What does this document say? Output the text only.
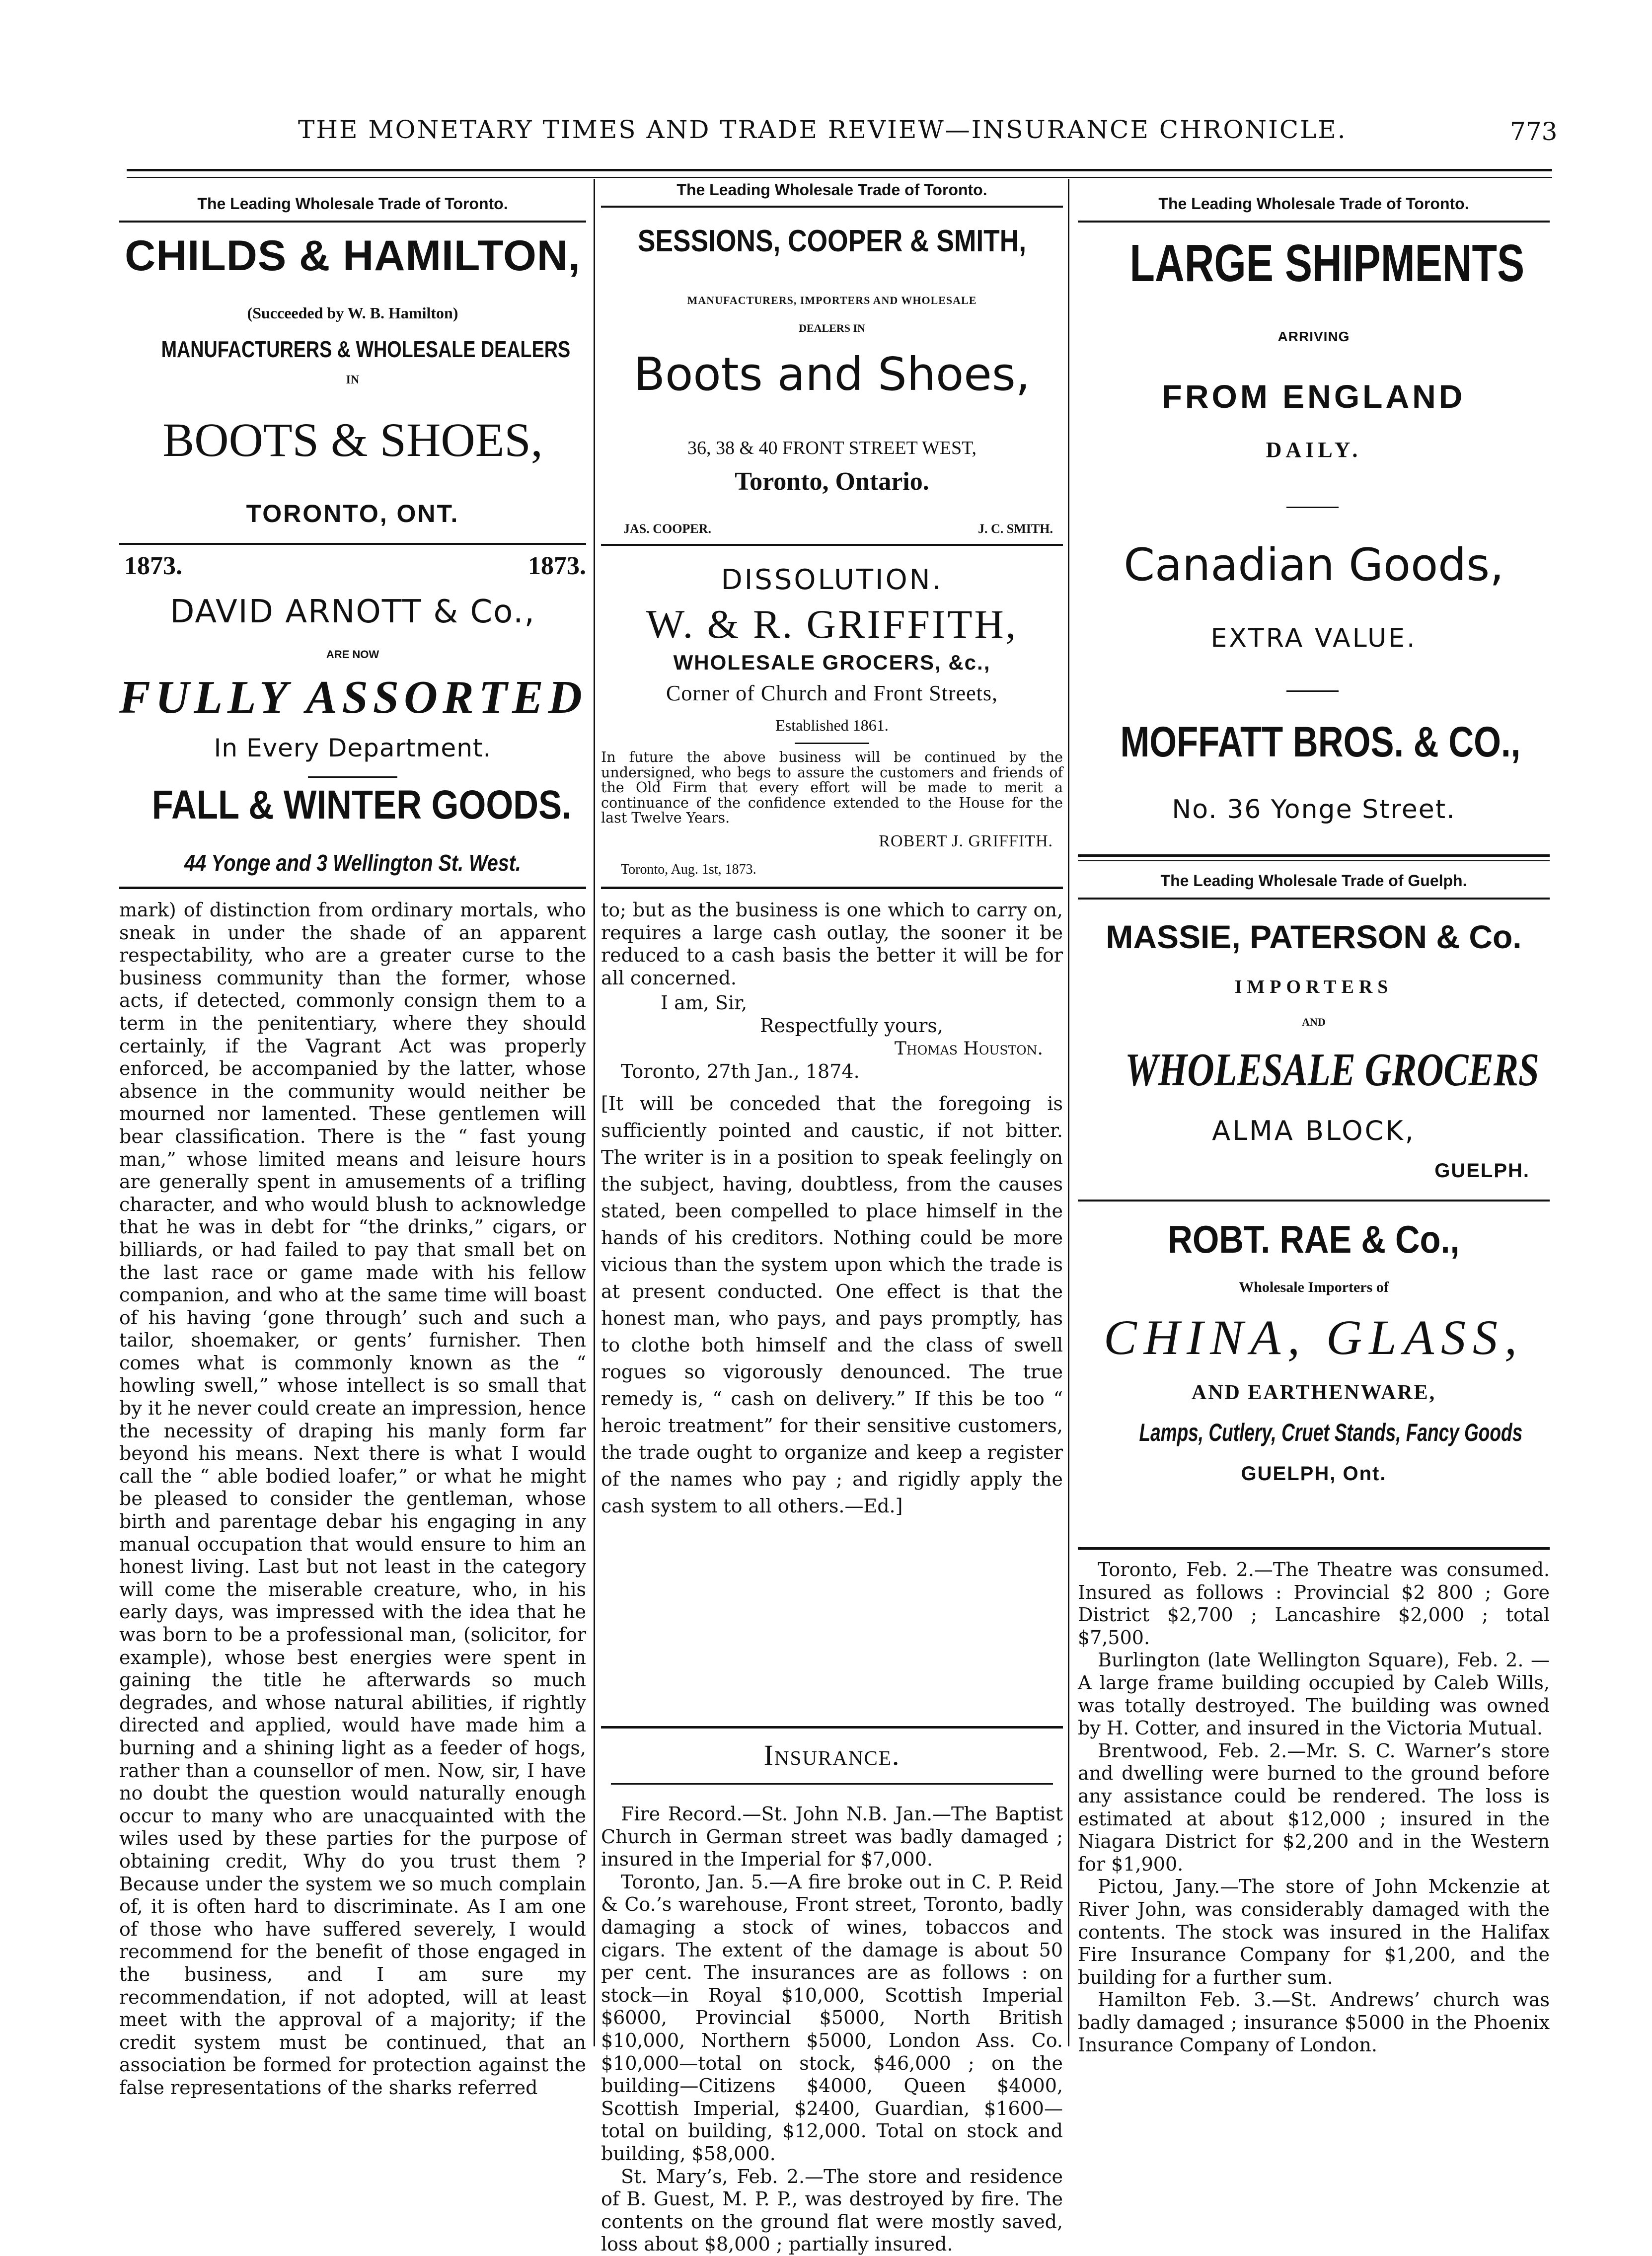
THE MONETARY TIMES AND TRADE REVIEW—INSURANCE CHRONICLE.	773
The Leading Wholesale Trade of Toronto.
CHILDS & HAMILTON,
(Succeeded by W. B. Hamilton)
MANUFACTURERS & WHOLESALE DEALERS
IN
BOOTS & SHOES,
TORONTO, ONT.
1873.	1873.
DAVID ARNOTT & Co.,
ARE NOW
FULLY ASSORTED
In Every Department.
FALL & WINTER GOODS.
44 Yonge and 3 Wellington St. West.

mark) of distinction from ordinary mortals, who sneak in under the shade of an apparent respectability, who are a greater curse to the business community than the former, whose acts, if detected, commonly consign them to a term in the penitentiary, where they should certainly, if the Vagrant Act was properly enforced, be accompanied by the latter, whose absence in the community would neither be mourned nor lamented. These gentlemen will bear classification. There is the “ fast young man,” whose limited means and leisure hours are generally spent in amusements of a trifling character, and who would blush to acknowledge that he was in debt for “the drinks,” cigars, or billiards, or had failed to pay that small bet on the last race or game made with his fellow companion, and who at the same time will boast of his having ‘gone through’ such and such a tailor, shoemaker, or gents’ furnisher. Then comes what is commonly known as the “ howling swell,” whose intellect is so small that by it he never could create an impression, hence the necessity of draping his manly form far beyond his means. Next there is what I would call the “ able bodied loafer,” or what he might be pleased to consider the gentleman, whose birth and parentage debar his engaging in any manual occupation that would ensure to him an honest living. Last but not least in the category will come the miserable creature, who, in his early days, was impressed with the idea that he was born to be a professional man, (solicitor, for example), whose best energies were spent in gaining the title he afterwards so much degrades, and whose natural abilities, if rightly directed and applied, would have made him a burning and a shining light as a feeder of hogs, rather than a counsellor of men. Now, sir, I have no doubt the question would naturally enough occur to many who are unacquainted with the wiles used by these parties for the purpose of obtaining credit, Why do you trust them ? Because under the system we so much complain of, it is often hard to discriminate. As I am one of those who have suffered severely, I would recommend for the benefit of those engaged in the business, and I am sure my recommendation, if not adopted, will at least meet with the approval of a majority; if the credit system must be continued, that an association be formed for protection against the false representations of the sharks referred

The Leading Wholesale Trade of Toronto.
SESSIONS, COOPER & SMITH,
MANUFACTURERS, IMPORTERS AND WHOLESALE
DEALERS IN
Boots and Shoes,
36, 38 & 40 FRONT STREET WEST,
Toronto, Ontario.
JAS. COOPER.	J. C. SMITH.
DISSOLUTION.
W. & R. GRIFFITH,
WHOLESALE GROCERS, &c.,
Corner of Church and Front Streets,
Established 1861.

In future the above business will be continued by the undersigned, who begs to assure the customers and friends of the Old Firm that every effort will be made to merit a continuance of the confidence extended to the House for the last Twelve Years.

ROBERT J. GRIFFITH.
Toronto, Aug. 1st, 1873.

to; but as the business is one which to carry on, requires a large cash outlay, the sooner it be reduced to a cash basis the better it will be for all concerned.

I am, Sir,
Respectfully yours,
Thomas Houston.
Toronto, 27th Jan., 1874.

[It will be conceded that the foregoing is sufficiently pointed and caustic, if not bitter. The writer is in a position to speak feelingly on the subject, having, doubtless, from the causes stated, been compelled to place himself in the hands of his creditors. Nothing could be more vicious than the system upon which the trade is at present conducted. One effect is that the honest man, who pays, and pays promptly, has to clothe both himself and the class of swell rogues so vigorously denounced. The true remedy is, “ cash on delivery.” If this be too “ heroic treatment” for their sensitive customers, the trade ought to organize and keep a register of the names who pay ; and rigidly apply the cash system to all others.—Ed.]

Insurance.

Fire Record.—St. John N.B. Jan.—The Baptist Church in German street was badly damaged ; insured in the Imperial for $7,000.

Toronto, Jan. 5.—A fire broke out in C. P. Reid & Co.’s warehouse, Front street, Toronto, badly damaging a stock of wines, tobaccos and cigars. The extent of the damage is about 50 per cent. The insurances are as follows : on stock—in Royal $10,000, Scottish Imperial $6000, Provincial $5000, North British $10,000, Northern $5000, London Ass. Co. $10,000—total on stock, $46,000 ; on the building—Citizens $4000, Queen $4000, Scottish Imperial, $2400, Guardian, $1600—total on building, $12,000. Total on stock and building, $58,000.

St. Mary’s, Feb. 2.—The store and residence of B. Guest, M. P. P., was destroyed by fire. The contents on the ground flat were mostly saved, loss about $8,000 ; partially insured.

The Leading Wholesale Trade of Toronto.
LARGE SHIPMENTS
ARRIVING
FROM ENGLAND
DAILY.
Canadian Goods,
EXTRA VALUE.
MOFFATT BROS. & CO.,
No. 36 Yonge Street.
The Leading Wholesale Trade of Guelph.
MASSIE, PATERSON & Co.
IMPORTERS
AND
WHOLESALE GROCERS
ALMA BLOCK,
GUELPH.
ROBT. RAE & Co.,
Wholesale Importers of
CHINA, GLASS,
AND EARTHENWARE,
Lamps, Cutlery, Cruet Stands, Fancy Goods
GUELPH, Ont.

Toronto, Feb. 2.—The Theatre was consumed. Insured as follows : Provincial $2 800 ; Gore District $2,700 ; Lancashire $2,000 ; total $7,500.

Burlington (late Wellington Square), Feb. 2. —A large frame building occupied by Caleb Wills, was totally destroyed. The building was owned by H. Cotter, and insured in the Victoria Mutual.

Brentwood, Feb. 2.—Mr. S. C. Warner’s store and dwelling were burned to the ground before any assistance could be rendered. The loss is estimated at about $12,000 ; insured in the Niagara District for $2,200 and in the Western for $1,900.

Pictou, Jany.—The store of John Mckenzie at River John, was considerably damaged with the contents. The stock was insured in the Halifax Fire Insurance Company for $1,200, and the building for a further sum.

Hamilton Feb. 3.—St. Andrews’ church was badly damaged ; insurance $5000 in the Phoenix Insurance Company of London.
